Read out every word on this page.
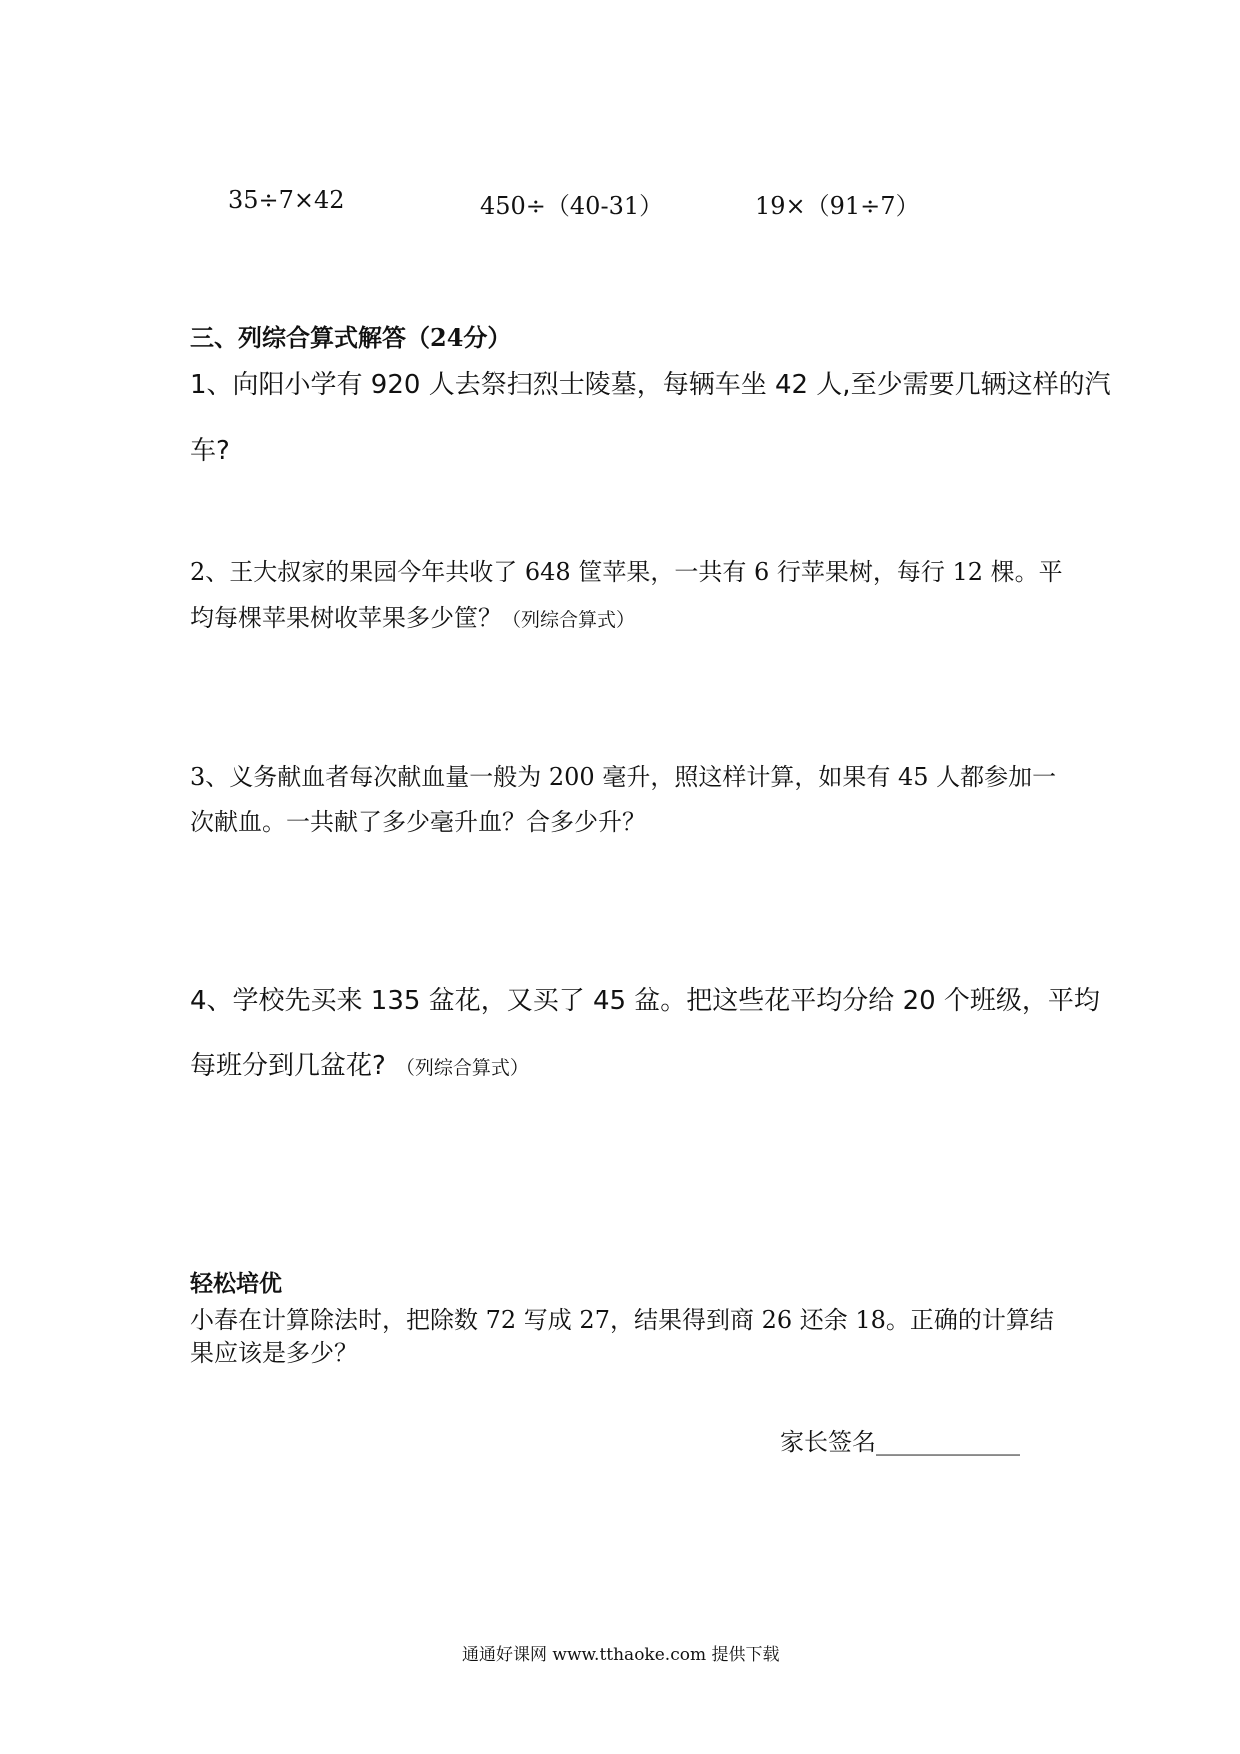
35÷7×42	450÷（40-31）	19×（91÷7）
三、列综合算式解答（24分）
1、向阳小学有 920 人去祭扫烈士陵墓，每辆车坐 42 人,至少需要几辆这样的汽
车?
2、王大叔家的果园今年共收了 648 筐苹果，一共有 6 行苹果树，每行 12 棵。平
均每棵苹果树收苹果多少筐？（列综合算式）
3、义务献血者每次献血量一般为 200 毫升，照这样计算，如果有 45 人都参加一
次献血。一共献了多少毫升血？合多少升？
4、学校先买来 135 盆花，又买了 45 盆。把这些花平均分给 20 个班级，平均
每班分到几盆花? （列综合算式）
轻松培优
小春在计算除法时，把除数 72 写成 27，结果得到商 26 还余 18。正确的计算结
果应该是多少？
家长签名____________
通通好课网 www.tthaoke.com 提供下载
